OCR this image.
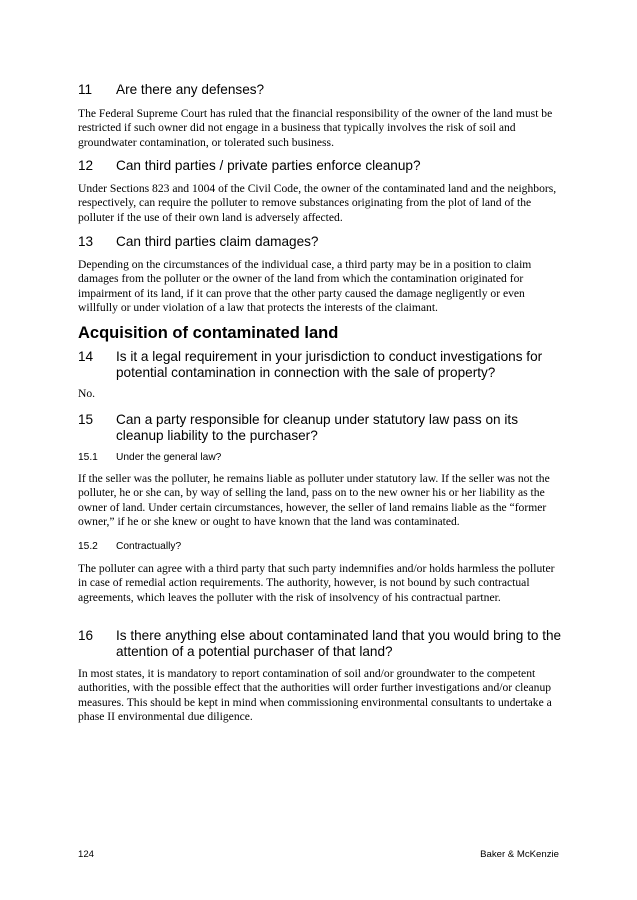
11	Are there any defenses?

The Federal Supreme Court has ruled that the financial responsibility of the owner of the land must be restricted if such owner did not engage in a business that typically involves the risk of soil and groundwater contamination, or tolerated such business.

12	Can third parties / private parties enforce cleanup?

Under Sections 823 and 1004 of the Civil Code, the owner of the contaminated land and the neighbors, respectively, can require the polluter to remove substances originating from the plot of land of the polluter if the use of their own land is adversely affected.

13	Can third parties claim damages?

Depending on the circumstances of the individual case, a third party may be in a position to claim damages from the polluter or the owner of the land from which the contamination originated for impairment of its land, if it can prove that the other party caused the damage negligently or even willfully or under violation of a law that protects the interests of the claimant.

Acquisition of contaminated land
14	Is it a legal requirement in your jurisdiction to conduct investigations for potential contamination in connection with the sale of property?

No.

15	Can a party responsible for cleanup under statutory law pass on its cleanup liability to the purchaser?
15.1	Under the general law?

If the seller was the polluter, he remains liable as polluter under statutory law. If the seller was not the polluter, he or she can, by way of selling the land, pass on to the new owner his or her liability as the owner of land. Under certain circumstances, however, the seller of land remains liable as the “former owner,” if he or she knew or ought to have known that the land was contaminated.

15.2	Contractually?

The polluter can agree with a third party that such party indemnifies and/or holds harmless the polluter in case of remedial action requirements. The authority, however, is not bound by such contractual agreements, which leaves the polluter with the risk of insolvency of his contractual partner.

16	Is there anything else about contaminated land that you would bring to the attention of a potential purchaser of that land?

In most states, it is mandatory to report contamination of soil and/or groundwater to the competent authorities, with the possible effect that the authorities will order further investigations and/or cleanup measures. This should be kept in mind when commissioning environmental consultants to undertake a phase II environmental due diligence.

124	Baker & McKenzie
